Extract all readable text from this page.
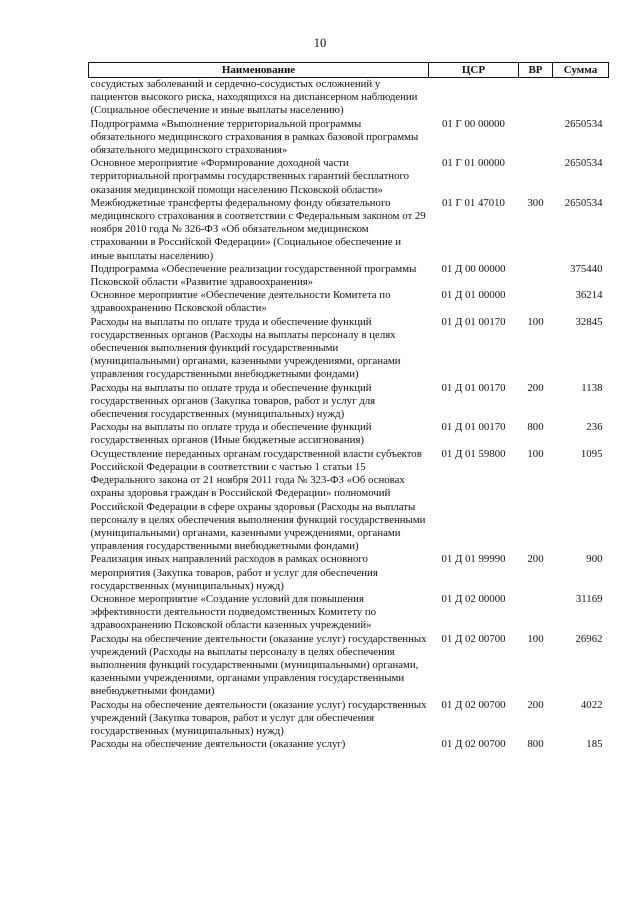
10
Наименование	ЦСР	ВР	Сумма
сосудистых заболеваний и сердечно-сосудистых осложнений у пациентов высокого риска, находящихся на диспансерном наблюдении (Социальное обеспечение и иные выплаты населению)			
Подпрограмма «Выполнение территориальной программы обязательного медицинского страхования в рамках базовой программы обязательного медицинского страхования»	01 Г 00 00000		2650534
Основное мероприятие «Формирование доходной части территориальной программы государственных гарантий бесплатного оказания медицинской помощи населению Псковской области»	01 Г 01 00000		2650534
Межбюджетные трансферты федеральному фонду обязательного медицинского страхования в соответствии с Федеральным законом от 29 ноября 2010 года № 326-ФЗ «Об обязательном медицинском страховании в Российской Федерации» (Социальное обеспечение и иные выплаты населению)	01 Г 01 47010	300	2650534
Подпрограмма «Обеспечение реализации государственной программы Псковской области «Развитие здравоохранения»	01 Д 00 00000		375440
Основное мероприятие «Обеспечение деятельности Комитета по здравоохранению Псковской области»	01 Д 01 00000		36214
Расходы на выплаты по оплате труда и обеспечение функций государственных органов (Расходы на выплаты персоналу в целях обеспечения выполнения функций государственными (муниципальными) органами, казенными учреждениями, органами управления государственными внебюджетными фондами)	01 Д 01 00170	100	32845
Расходы на выплаты по оплате труда и обеспечение функций государственных органов (Закупка товаров, работ и услуг для обеспечения государственных (муниципальных) нужд)	01 Д 01 00170	200	1138
Расходы на выплаты по оплате труда и обеспечение функций государственных органов (Иные бюджетные ассигнования)	01 Д 01 00170	800	236
Осуществление переданных органам государственной власти субъектов Российской Федерации в соответствии с частью 1 статьи 15 Федерального закона от 21 ноября 2011 года № 323-ФЗ «Об основах охраны здоровья граждан в Российской Федерации» полномочий Российской Федерации в сфере охраны здоровья (Расходы на выплаты персоналу в целях обеспечения выполнения функций государственными (муниципальными) органами, казенными учреждениями, органами управления государственными внебюджетными фондами)	01 Д 01 59800	100	1095
Реализация иных направлений расходов в рамках основного мероприятия (Закупка товаров, работ и услуг для обеспечения государственных (муниципальных) нужд)	01 Д 01 99990	200	900
Основное мероприятие «Создание условий для повышения эффективности деятельности подведомственных Комитету по здравоохранению Псковской области казенных учреждений»	01 Д 02 00000		31169
Расходы на обеспечение деятельности (оказание услуг) государственных учреждений (Расходы на выплаты персоналу в целях обеспечения выполнения функций государственными (муниципальными) органами, казенными учреждениями, органами управления государственными внебюджетными фондами)	01 Д 02 00700	100	26962
Расходы на обеспечение деятельности (оказание услуг) государственных учреждений (Закупка товаров, работ и услуг для обеспечения государственных (муниципальных) нужд)	01 Д 02 00700	200	4022
Расходы на обеспечение деятельности (оказание услуг)	01 Д 02 00700	800	185
